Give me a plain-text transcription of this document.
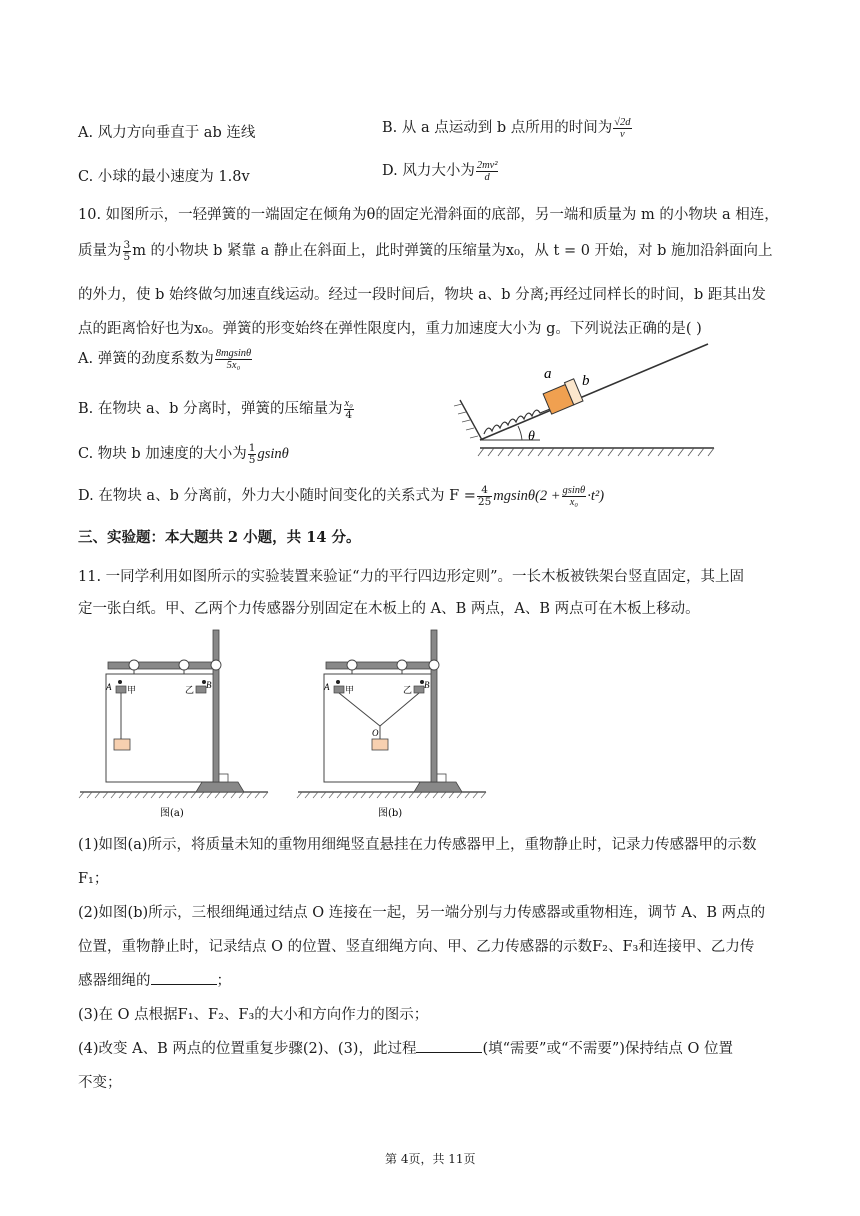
A. 风力方向垂直于 ab 连线	B. 从 a 点运动到 b 点所用的时间为 $\frac{√2d}{v}$
C. 小球的最小速度为 1.8v	D. 风力大小为 $\frac{\text{2mv²}}{d}$
10. 如图所示，一轻弹簧的一端固定在倾角为θ的固定光滑斜面的底部，另一端和质量为 m 的小物块 a 相连，
质量为 $\frac{3}{5}$ m 的小物块 b 紧靠 a 静止在斜面上，此时弹簧的压缩量为x₀，从 t = 0 开始，对 b 施加沿斜面向上
的外力，使 b 始终做匀加速直线运动。经过一段时间后，物块 a、b 分离;再经过同样长的时间，b 距其出发
点的距离恰好也为x₀。弹簧的形变始终在弹性限度内，重力加速度大小为 g。下列说法正确的是( )
A. 弹簧的劲度系数为 $\frac{8mgsin\theta}{\text{5x₀}}$
B. 在物块 a、b 分离时，弹簧的压缩量为 $\frac{\text{x₀}}{4}$
C. 物块 b 加速度的大小为 $\frac{1}{5}$ gsinθ
D. 在物块 a、b 分离前，外力大小随时间变化的关系式为 $F = \frac{4}{25} mgsin\theta(2 + \frac{gsin\theta}{\text{x₀}} \cdot t^2)$
a b
θ
三、实验题：本大题共 2 小题，共 14 分。
11. 一同学利用如图所示的实验装置来验证“力的平行四边形定则”。一长木板被铁架台竖直固定，其上固
定一张白纸。甲、乙两个力传感器分别固定在木板上的 A、B 两点，A、B 两点可在木板上移动。
A 甲	乙
B
图(a)
A 甲	乙
B
O
图(b)
(1)如图(a)所示，将质量未知的重物用细绳竖直悬挂在力传感器甲上，重物静止时，记录力传感器甲的示数
F₁；
(2)如图(b)所示，三根细绳通过结点 O 连接在一起，另一端分别与力传感器或重物相连，调节 A、B 两点的
位置，重物静止时，记录结点 O 的位置、竖直细绳方向、甲、乙力传感器的示数F₂、F₃和连接甲、乙力传
感器细绳的	；
(3)在 O 点根据F₁、F₂、F₃的大小和方向作力的图示；
(4)改变 A、B 两点的位置重复步骤(2)、(3)，此过程	(填“需要”或“不需要”)保持结点 O 位置
不变；
第 4页，共 11页
